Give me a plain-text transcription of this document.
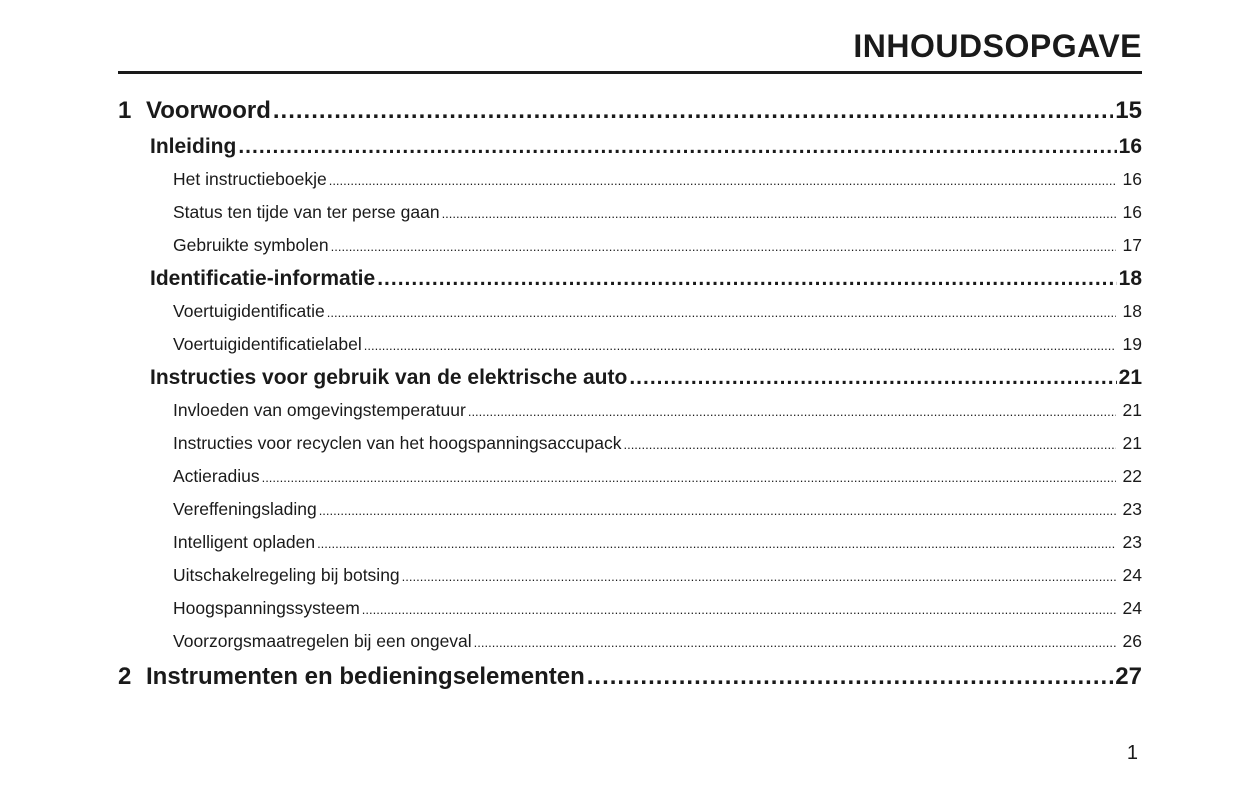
INHOUDSOPGAVE
1 Voorwoord .....	15
Inleiding .....	16
Het instructieboekje .....	16
Status ten tijde van ter perse gaan .....	16
Gebruikte symbolen .....	17
Identificatie-informatie .....	18
Voertuigidentificatie .....	18
Voertuigidentificatielabel .....	19
Instructies voor gebruik van de elektrische auto .....	21
Invloeden van omgevingstemperatuur .....	21
Instructies voor recyclen van het hoogspanningsaccupack .....	21
Actieradius .....	22
Vereffeningslading .....	23
Intelligent opladen .....	23
Uitschakelregeling bij botsing .....	24
Hoogspanningssysteem .....	24
Voorzorgsmaatregelen bij een ongeval .....	26
2 Instrumenten en bedieningselementen .....	27
1
